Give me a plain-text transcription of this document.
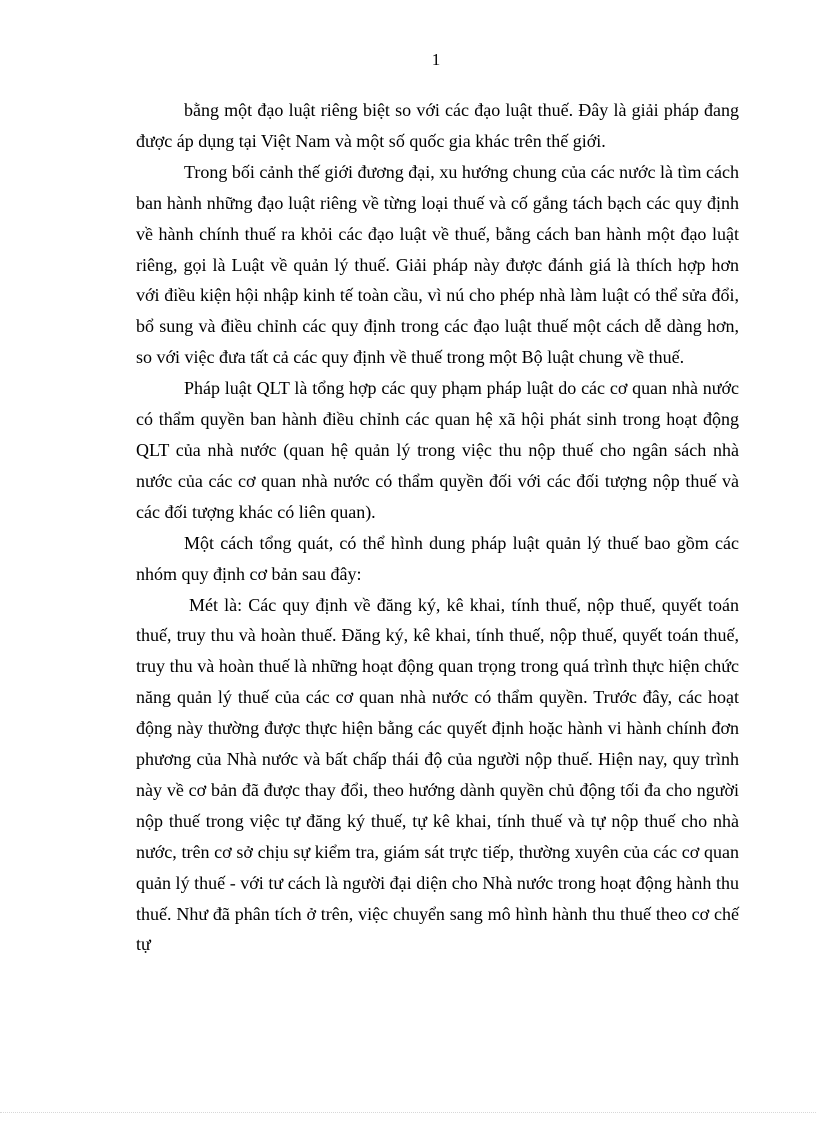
1

bằng một đạo luật riêng biệt so với các đạo luật thuế. Đây là giải pháp đang được áp dụng tại Việt Nam và một số quốc gia khác trên thế giới.

Trong bối cảnh thế giới đương đại, xu hướng chung của các nước là tìm cách ban hành những đạo luật riêng về từng loại thuế và cố gắng tách bạch các quy định về hành chính thuế ra khỏi các đạo luật về thuế, bằng cách ban hành một đạo luật riêng, gọi là Luật về quản lý thuế. Giải pháp này được đánh giá là thích hợp hơn với điều kiện hội nhập kinh tế toàn cầu, vì nú cho phép nhà làm luật có thể sửa đổi, bổ sung và điều chỉnh các quy định trong các đạo luật thuế một cách dễ dàng hơn, so với việc đưa tất cả các quy định về thuế trong một Bộ luật chung về thuế.

Pháp luật QLT là tổng hợp các quy phạm pháp luật do các cơ quan nhà nước có thẩm quyền ban hành điều chỉnh các quan hệ xã hội phát sinh trong hoạt động QLT của nhà nước (quan hệ quản lý trong việc thu nộp thuế cho ngân sách nhà nước của các cơ quan nhà nước có thẩm quyền đối với các đối tượng nộp thuế và các đối tượng khác có liên quan).

Một cách tổng quát, có thể hình dung pháp luật quản lý thuế bao gồm các nhóm quy định cơ bản sau đây:

Mét là: Các quy định về đăng ký, kê khai, tính thuế, nộp thuế, quyết toán thuế, truy thu và hoàn thuế. Đăng ký, kê khai, tính thuế, nộp thuế, quyết toán thuế, truy thu và hoàn thuế là những hoạt động quan trọng trong quá trình thực hiện chức năng quản lý thuế của các cơ quan nhà nước có thẩm quyền. Trước đây, các hoạt động này thường được thực hiện bằng các quyết định hoặc hành vi hành chính đơn phương của Nhà nước và bất chấp thái độ của người nộp thuế. Hiện nay, quy trình này về cơ bản đã được thay đổi, theo hướng dành quyền chủ động tối đa cho người nộp thuế trong việc tự đăng ký thuế, tự kê khai, tính thuế và tự nộp thuế cho nhà nước, trên cơ sở chịu sự kiểm tra, giám sát trực tiếp, thường xuyên của các cơ quan quản lý thuế - với tư cách là người đại diện cho Nhà nước trong hoạt động hành thu thuế. Như đã phân tích ở trên, việc chuyển sang mô hình hành thu thuế theo cơ chế tự
